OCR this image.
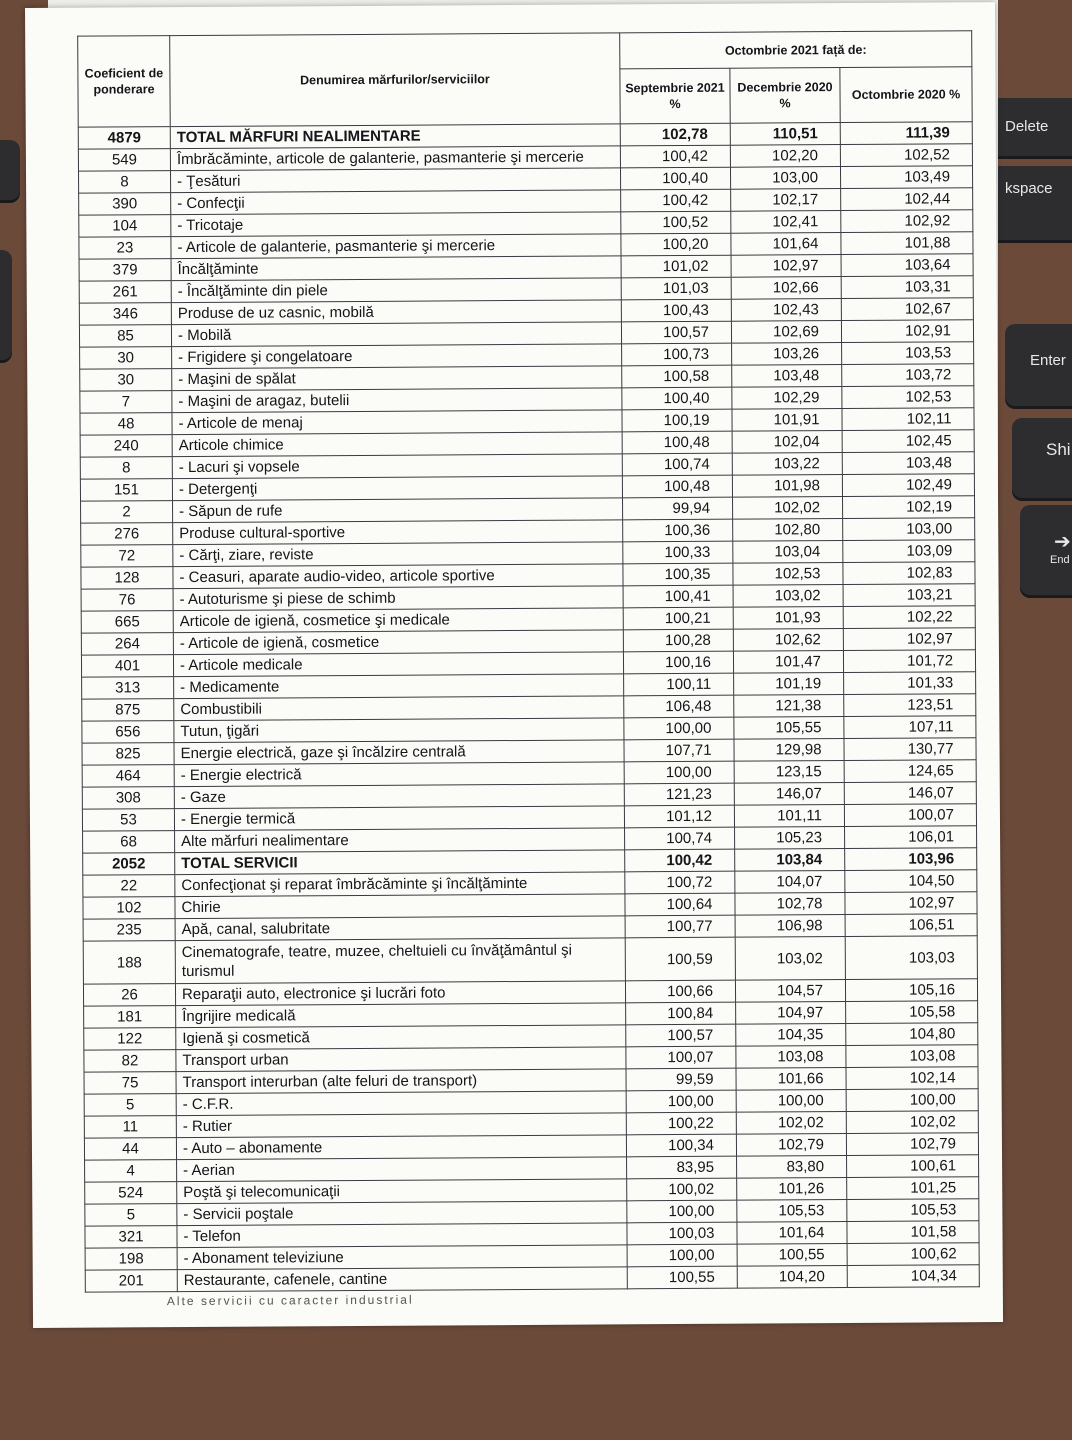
Delete
kspace
Enter
Shi
➔
End
Coeficient de ponderare	Denumirea mărfurilor/serviciilor	Octombrie 2021 față de:		
		Septembrie 2021 %	Decembrie 2020 %	Octombrie 2020 %
4879	TOTAL MĂRFURI NEALIMENTARE	102,78	110,51	111,39
549	Îmbrăcăminte, articole de galanterie, pasmanterie şi mercerie	100,42	102,20	102,52
8	- Ţesături	100,40	103,00	103,49
390	- Confecţii	100,42	102,17	102,44
104	- Tricotaje	100,52	102,41	102,92
23	- Articole de galanterie, pasmanterie şi mercerie	100,20	101,64	101,88
379	Încălţăminte	101,02	102,97	103,64
261	- Încălţăminte din piele	101,03	102,66	103,31
346	Produse de uz casnic, mobilă	100,43	102,43	102,67
85	- Mobilă	100,57	102,69	102,91
30	- Frigidere şi congelatoare	100,73	103,26	103,53
30	- Maşini de spălat	100,58	103,48	103,72
7	- Maşini de aragaz, butelii	100,40	102,29	102,53
48	- Articole de menaj	100,19	101,91	102,11
240	Articole chimice	100,48	102,04	102,45
8	- Lacuri şi vopsele	100,74	103,22	103,48
151	- Detergenţi	100,48	101,98	102,49
2	- Săpun de rufe	99,94	102,02	102,19
276	Produse cultural-sportive	100,36	102,80	103,00
72	- Cărţi, ziare, reviste	100,33	103,04	103,09
128	- Ceasuri, aparate audio-video, articole sportive	100,35	102,53	102,83
76	- Autoturisme şi piese de schimb	100,41	103,02	103,21
665	Articole de igienă, cosmetice şi medicale	100,21	101,93	102,22
264	- Articole de igienă, cosmetice	100,28	102,62	102,97
401	- Articole medicale	100,16	101,47	101,72
313	- Medicamente	100,11	101,19	101,33
875	Combustibili	106,48	121,38	123,51
656	Tutun, ţigări	100,00	105,55	107,11
825	Energie electrică, gaze şi încălzire centrală	107,71	129,98	130,77
464	- Energie electrică	100,00	123,15	124,65
308	- Gaze	121,23	146,07	146,07
53	- Energie termică	101,12	101,11	100,07
68	Alte mărfuri nealimentare	100,74	105,23	106,01
2052	TOTAL SERVICII	100,42	103,84	103,96
22	Confecţionat şi reparat îmbrăcăminte şi încălţăminte	100,72	104,07	104,50
102	Chirie	100,64	102,78	102,97
235	Apă, canal, salubritate	100,77	106,98	106,51
188	Cinematografe, teatre, muzee, cheltuieli cu învăţământul şi turismul	100,59	103,02	103,03
26	Reparaţii auto, electronice şi lucrări foto	100,66	104,57	105,16
181	Îngrijire medicală	100,84	104,97	105,58
122	Igienă şi cosmetică	100,57	104,35	104,80
82	Transport urban	100,07	103,08	103,08
75	Transport interurban (alte feluri de transport)	99,59	101,66	102,14
5	- C.F.R.	100,00	100,00	100,00
11	- Rutier	100,22	102,02	102,02
44	- Auto – abonamente	100,34	102,79	102,79
4	- Aerian	83,95	83,80	100,61
524	Poştă şi telecomunicaţii	100,02	101,26	101,25
5	- Servicii poştale	100,00	105,53	105,53
321	- Telefon	100,03	101,64	101,58
198	- Abonament televiziune	100,00	100,55	100,62
201	Restaurante, cafenele, cantine	100,55	104,20	104,34
Alte servicii cu caracter industrial
